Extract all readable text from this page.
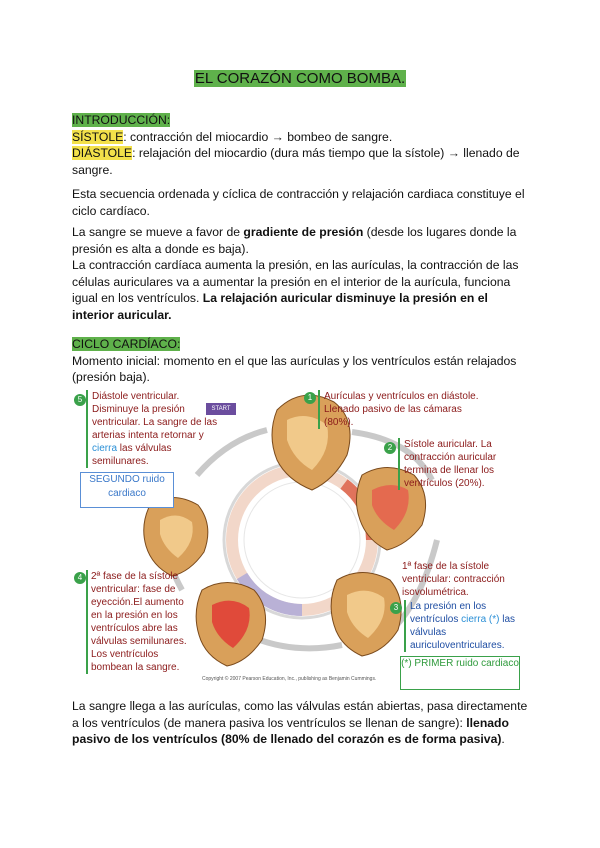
EL CORAZÓN COMO BOMBA.
INTRODUCCIÓN:
SÍSTOLE: contracción del miocardio → bombeo de sangre.
DIÁSTOLE: relajación del miocardio (dura más tiempo que la sístole) → llenado de sangre.
Esta secuencia ordenada y cíclica de contracción y relajación cardiaca constituye el ciclo cardíaco.
La sangre se mueve a favor de gradiente de presión (desde los lugares donde la presión es alta a donde es baja).
La contracción cardíaca aumenta la presión, en las aurículas, la contracción de las células auriculares va a aumentar la presión en el interior de la aurícula, funciona igual en los ventrículos. La relajación auricular disminuye la presión en el interior auricular.
CICLO CARDÍACO:
Momento inicial: momento en el que las aurículas y los ventrículos están relajados (presión baja).
START
1	Aurículas y ventrículos en diástole. Llenado pasivo de las cámaras (80%).
2	Sístole auricular. La contracción auricular termina de llenar los ventrículos (20%).
1ª fase de la sístole ventricular: contracción isovolumétrica.
3	La presión en los ventrículos cierra (*) las válvulas auriculoventriculares.
4 2ª fase de la sístole ventricular: fase de eyección.El aumento en la presión en los ventrículos abre las válvulas semilunares. Los ventrículos bombean la sangre.
5 Diástole ventricular. Disminuye la presión ventricular. La sangre de las arterias intenta retornar y cierra las válvulas semilunares.
SEGUNDO ruido cardiaco
(*) PRIMER ruido cardiaco
Copyright © 2007 Pearson Education, Inc., publishing as Benjamin Cummings.
La sangre llega a las aurículas, como las válvulas están abiertas, pasa directamente a los ventrículos (de manera pasiva los ventrículos se llenan de sangre): llenado pasivo de los ventrículos (80% de llenado del corazón es de forma pasiva).
